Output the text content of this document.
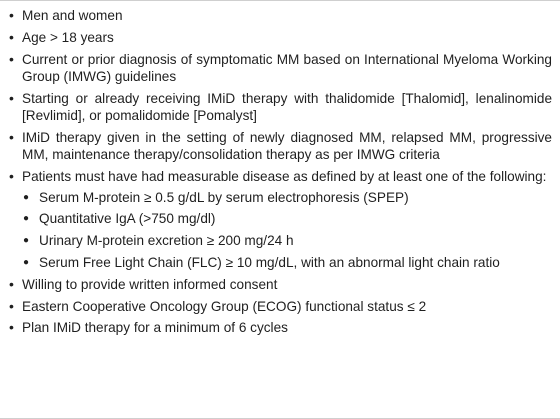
• Men and women
• Age > 18 years
• Current or prior diagnosis of symptomatic MM based on International Myeloma Working Group (IMWG) guidelines
• Starting or already receiving IMiD therapy with thalidomide [Thalomid], lenalinomide [Revlimid], or pomalidomide [Pomalyst]
• IMiD therapy given in the setting of newly diagnosed MM, relapsed MM, progressive MM, maintenance therapy/consolidation therapy as per IMWG criteria
• Patients must have had measurable disease as defined by at least one of the following:
● Serum M-protein ≥ 0.5 g/dL by serum electrophoresis (SPEP)
● Quantitative IgA (>750 mg/dl)
● Urinary M-protein excretion ≥ 200 mg/24 h
● Serum Free Light Chain (FLC) ≥ 10 mg/dL, with an abnormal light chain ratio
• Willing to provide written informed consent
• Eastern Cooperative Oncology Group (ECOG) functional status ≤ 2
• Plan IMiD therapy for a minimum of 6 cycles
